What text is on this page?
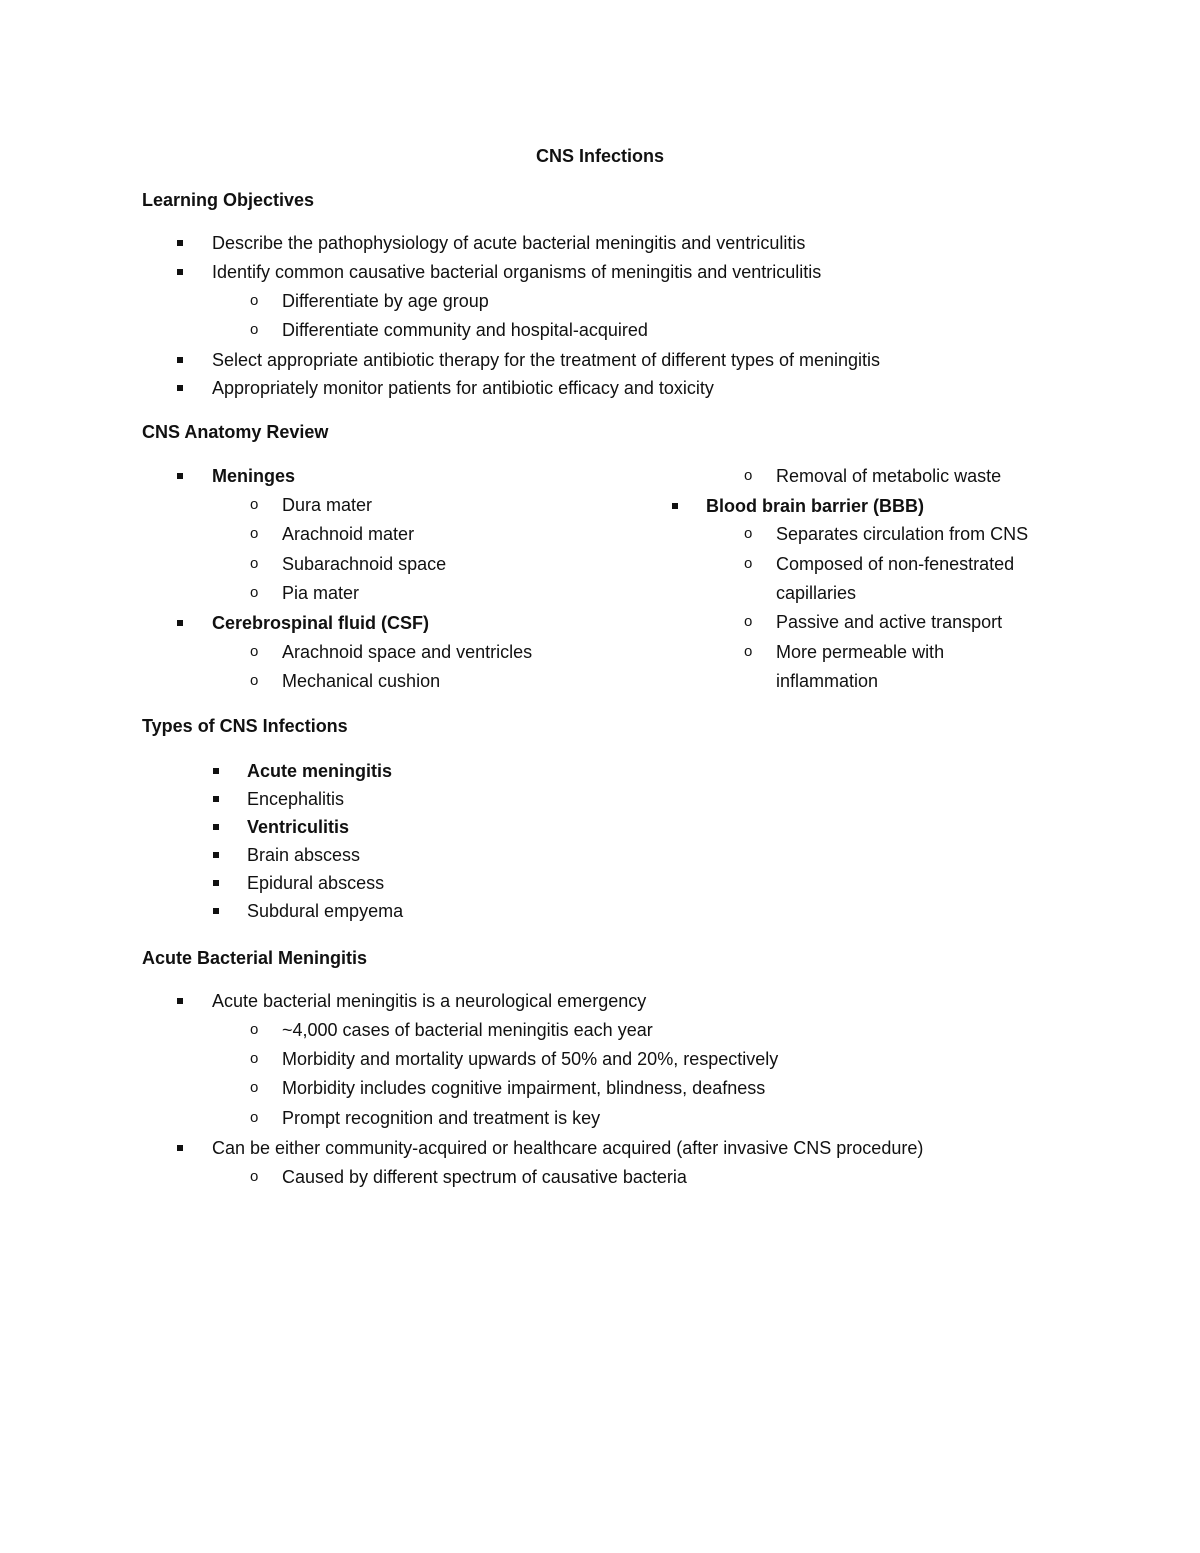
CNS Infections
Learning Objectives
Describe the pathophysiology of acute bacterial meningitis and ventriculitis
Identify common causative bacterial organisms of meningitis and ventriculitis
o Differentiate by age group
o Differentiate community and hospital-acquired
Select appropriate antibiotic therapy for the treatment of different types of meningitis
Appropriately monitor patients for antibiotic efficacy and toxicity
CNS Anatomy Review
Meninges
o Dura mater
o Arachnoid mater
o Subarachnoid space
o Pia mater
Cerebrospinal fluid (CSF)
o Arachnoid space and ventricles
o Mechanical cushion
o Removal of metabolic waste
Blood brain barrier (BBB)
o Separates circulation from CNS
o Composed of non-fenestrated
capillaries
o Passive and active transport
o More permeable with
inflammation
Types of CNS Infections
Acute meningitis
Encephalitis
Ventriculitis
Brain abscess
Epidural abscess
Subdural empyema
Acute Bacterial Meningitis
Acute bacterial meningitis is a neurological emergency
o ~4,000 cases of bacterial meningitis each year
o Morbidity and mortality upwards of 50% and 20%, respectively
o Morbidity includes cognitive impairment, blindness, deafness
o Prompt recognition and treatment is key
Can be either community-acquired or healthcare acquired (after invasive CNS procedure)
o Caused by different spectrum of causative bacteria
